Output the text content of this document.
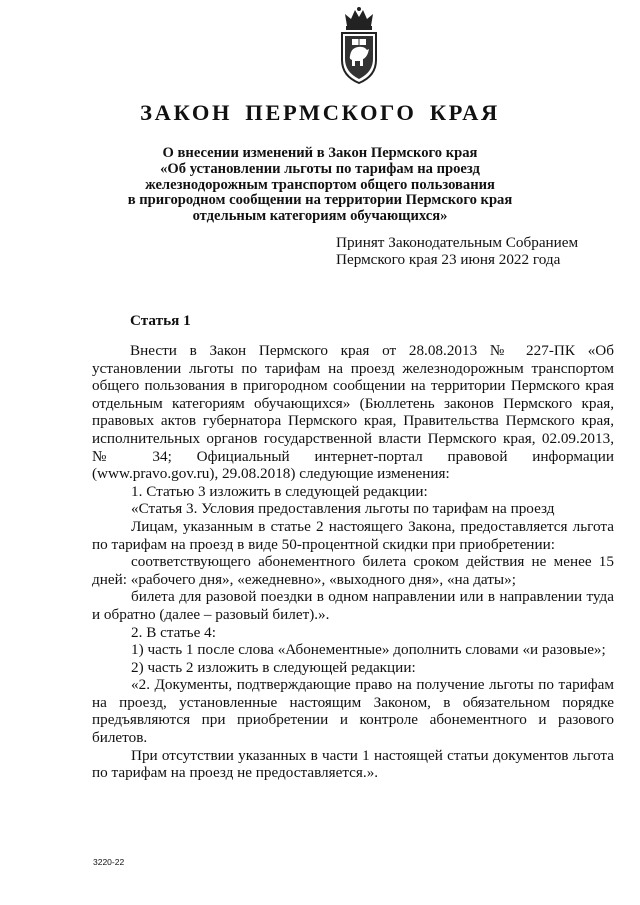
ЗАКОН ПЕРМСКОГО КРАЯ
О внесении изменений в Закон Пермского края
«Об установлении льготы по тарифам на проезд
железнодорожным транспортом общего пользования
в пригородном сообщении на территории Пермского края
отдельным категориям обучающихся»
Принят Законодательным Собранием
Пермского края 23 июня 2022 года
Статья 1

Внести в Закон Пермского края от 28.08.2013 № 227-ПК «Об установлении льготы по тарифам на проезд железнодорожным транспортом общего пользования в пригородном сообщении на территории Пермского края отдельным категориям обучающихся» (Бюллетень законов Пермского края, правовых актов губернатора Пермского края, Правительства Пермского края, исполнительных органов государственной власти Пермского края, 02.09.2013, № 34; Официальный интернет-портал правовой информации (www.pravo.gov.ru), 29.08.2018) следующие изменения:

1. Статью 3 изложить в следующей редакции:

«Статья 3. Условия предоставления льготы по тарифам на проезд

Лицам, указанным в статье 2 настоящего Закона, предоставляется льгота по тарифам на проезд в виде 50-процентной скидки при приобретении:

соответствующего абонементного билета сроком действия не менее 15 дней: «рабочего дня», «ежедневно», «выходного дня», «на даты»;

билета для разовой поездки в одном направлении или в направлении туда и обратно (далее – разовый билет).».

2. В статье 4:

1) часть 1 после слова «Абонементные» дополнить словами «и разовые»;

2) часть 2 изложить в следующей редакции:

«2. Документы, подтверждающие право на получение льготы по тарифам на проезд, установленные настоящим Законом, в обязательном порядке предъявляются при приобретении и контроле абонементного и разового билетов.

При отсутствии указанных в части 1 настоящей статьи документов льгота по тарифам на проезд не предоставляется.».

3220-22
